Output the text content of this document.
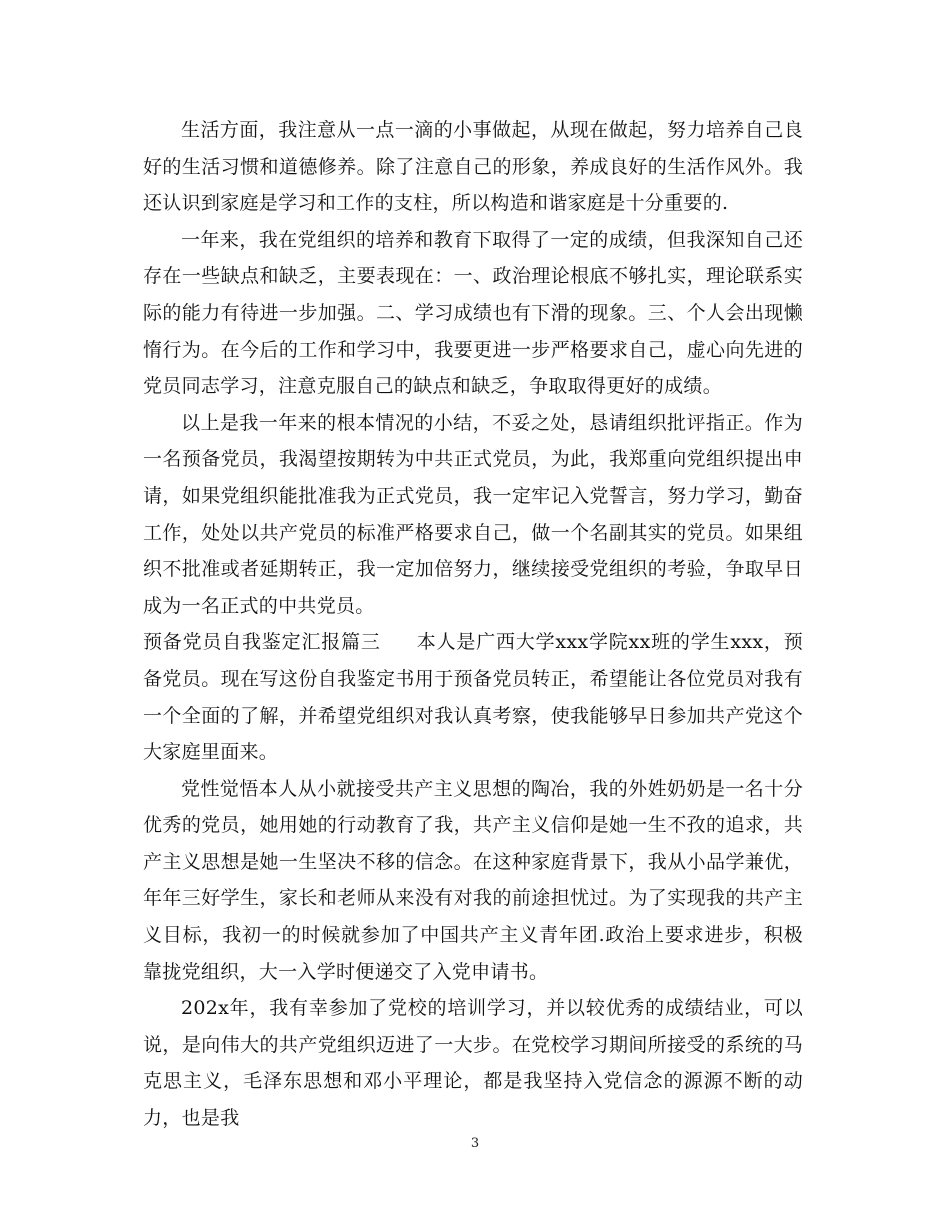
生活方面，我注意从一点一滴的小事做起，从现在做起，努力培养自己良好的生活习惯和道德修养。除了注意自己的形象，养成良好的生活作风外。我还认识到家庭是学习和工作的支柱，所以构造和谐家庭是十分重要的.

一年来，我在党组织的培养和教育下取得了一定的成绩，但我深知自己还存在一些缺点和缺乏，主要表现在：一、政治理论根底不够扎实，理论联系实际的能力有待进一步加强。二、学习成绩也有下滑的现象。三、个人会出现懒惰行为。在今后的工作和学习中，我要更进一步严格要求自己，虚心向先进的党员同志学习，注意克服自己的缺点和缺乏，争取取得更好的成绩。

以上是我一年来的根本情况的小结，不妥之处，恳请组织批评指正。作为一名预备党员，我渴望按期转为中共正式党员，为此，我郑重向党组织提出申请，如果党组织能批准我为正式党员，我一定牢记入党誓言，努力学习，勤奋工作，处处以共产党员的标准严格要求自己，做一个名副其实的党员。如果组织不批准或者延期转正，我一定加倍努力，继续接受党组织的考验，争取早日成为一名正式的中共党员。

预备党员自我鉴定汇报篇三 本人是广西大学xxx学院xx班的学生xxx，预备党员。现在写这份自我鉴定书用于预备党员转正，希望能让各位党员对我有一个全面的了解，并希望党组织对我认真考察，使我能够早日参加共产党这个大家庭里面来。

党性觉悟本人从小就接受共产主义思想的陶冶，我的外姓奶奶是一名十分优秀的党员，她用她的行动教育了我，共产主义信仰是她一生不孜的追求，共产主义思想是她一生坚决不移的信念。在这种家庭背景下，我从小品学兼优，年年三好学生，家长和老师从来没有对我的前途担忧过。为了实现我的共产主义目标，我初一的时候就参加了中国共产主义青年团.政治上要求进步，积极靠拢党组织，大一入学时便递交了入党申请书。

202x年，我有幸参加了党校的培训学习，并以较优秀的成绩结业，可以说，是向伟大的共产党组织迈进了一大步。在党校学习期间所接受的系统的马克思主义，毛泽东思想和邓小平理论，都是我坚持入党信念的源源不断的动力，也是我

3
